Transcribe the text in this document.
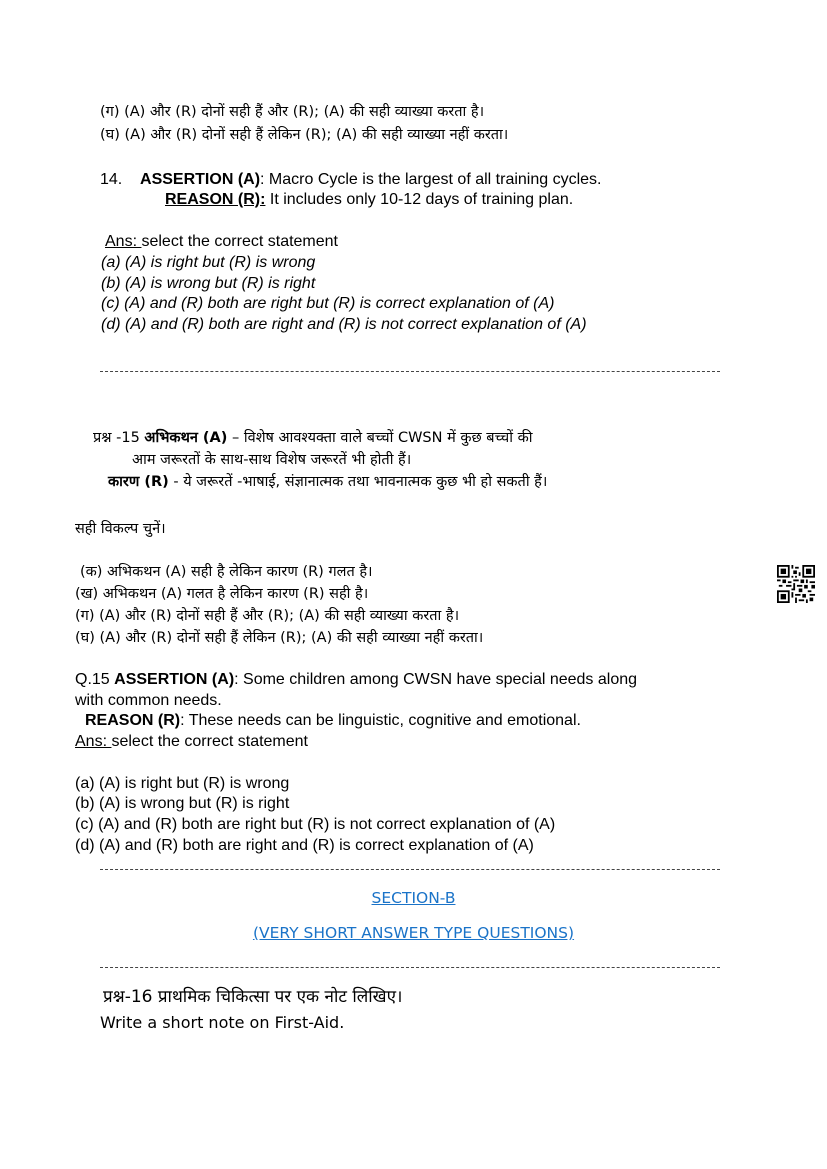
(ग) (A) और (R) दोनों सही हैं और (R); (A) की सही व्याख्या करता है।
(घ) (A) और (R) दोनों सही हैं लेकिन (R); (A) की सही व्याख्या नहीं करता।
14. ASSERTION (A): Macro Cycle is the largest of all training cycles.
REASON (R): It includes only 10-12 days of training plan.
Ans: select the correct statement
(a) (A) is right but (R) is wrong
(b) (A) is wrong but (R) is right
(c) (A) and (R) both are right but (R) is correct explanation of (A)
(d) (A) and (R) both are right and (R) is not correct explanation of (A)
प्रश्न -15 अभिकथन (A) – विशेष आवश्यक्ता वाले बच्चों CWSN में कुछ बच्चों की
आम जरूरतों के साथ-साथ विशेष जरूरतें भी होती हैं।
कारण (R) - ये जरूरतें -भाषाई, संज्ञानात्मक तथा भावनात्मक कुछ भी हो सकती हैं।
सही विकल्प चुनें।
(क) अभिकथन (A) सही है लेकिन कारण (R) गलत है।
(ख) अभिकथन (A) गलत है लेकिन कारण (R) सही है।
(ग) (A) और (R) दोनों सही हैं और (R); (A) की सही व्याख्या करता है।
(घ) (A) और (R) दोनों सही हैं लेकिन (R); (A) की सही व्याख्या नहीं करता।
Q.15 ASSERTION (A): Some children among CWSN have special needs along
with common needs.
REASON (R): These needs can be linguistic, cognitive and emotional.
Ans: select the correct statement
(a) (A) is right but (R) is wrong
(b) (A) is wrong but (R) is right
(c) (A) and (R) both are right but (R) is not correct explanation of (A)
(d) (A) and (R) both are right and (R) is correct explanation of (A)
SECTION-B
(VERY SHORT ANSWER TYPE QUESTIONS)
प्रश्न-16 प्राथमिक चिकित्सा पर एक नोट लिखिए।
Write a short note on First-Aid.
